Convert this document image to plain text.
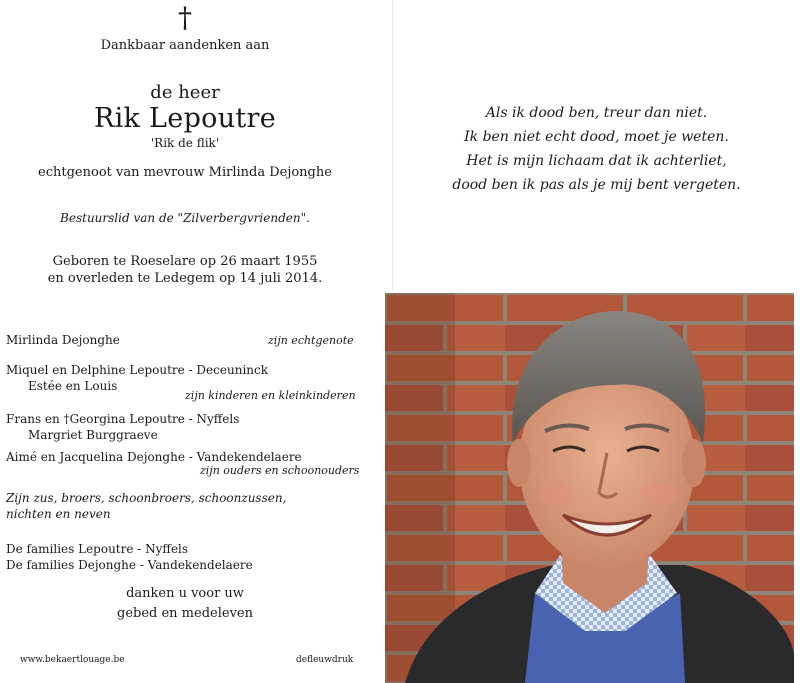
†
Dankbaar aandenken aan
de heer
Rik Lepoutre
'Rik de flik'
echtgenoot van mevrouw Mirlinda Dejonghe
Bestuurslid van de "Zilverbergvrienden".
Geboren te Roeselare op 26 maart 1955
en overleden te Ledegem op 14 juli 2014.
Mirlinda Dejonghe	zijn echtgenote
Miquel en Delphine Lepoutre - Deceuninck
Estée en Louis
zijn kinderen en kleinkinderen
Frans en †Georgina Lepoutre - Nyffels
Margriet Burggraeve
Aimé en Jacquelina Dejonghe - Vandekendelaere
zijn ouders en schoonouders
Zijn zus, broers, schoonbroers, schoonzussen,
nichten en neven
De families Lepoutre - Nyffels
De families Dejonghe - Vandekendelaere
danken u voor uw
gebed en medeleven
www.bekaertlouage.be	defleuwdruk
Als ik dood ben, treur dan niet.
Ik ben niet echt dood, moet je weten.
Het is mijn lichaam dat ik achterliet,
dood ben ik pas als je mij bent vergeten.
